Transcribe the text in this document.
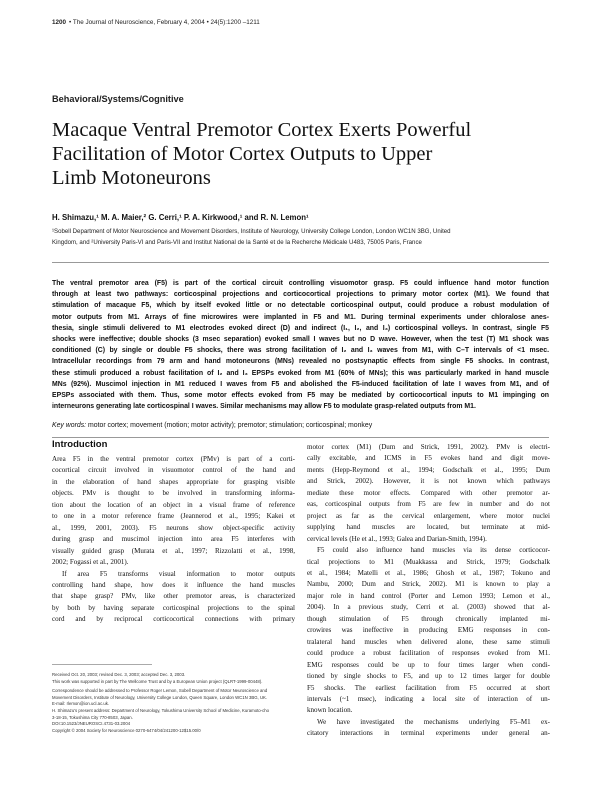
1200 • The Journal of Neuroscience, February 4, 2004 • 24(5):1200 –1211
Behavioral/Systems/Cognitive
Macaque Ventral Premotor Cortex Exerts Powerful
Facilitation of Motor Cortex Outputs to Upper
Limb Motoneurons
H. Shimazu,¹ M. A. Maier,² G. Cerri,¹ P. A. Kirkwood,¹ and R. N. Lemon¹
¹Sobell Department of Motor Neuroscience and Movement Disorders, Institute of Neurology, University College London, London WC1N 3BG, United
Kingdom, and ²University Paris-VI and Paris-VII and Institut National de la Santé et de la Recherche Médicale U483, 75005 Paris, France
The ventral premotor area (F5) is part of the cortical circuit controlling visuomotor grasp. F5 could influence hand motor function
through at least two pathways: corticospinal projections and corticocortical projections to primary motor cortex (M1). We found that
stimulation of macaque F5, which by itself evoked little or no detectable corticospinal output, could produce a robust modulation of
motor outputs from M1. Arrays of fine microwires were implanted in F5 and M1. During terminal experiments under chloralose anes-
thesia, single stimuli delivered to M1 electrodes evoked direct (D) and indirect (I₁, I₂, and I₃) corticospinal volleys. In contrast, single F5
shocks were ineffective; double shocks (3 msec separation) evoked small I waves but no D wave. However, when the test (T) M1 shock was
conditioned (C) by single or double F5 shocks, there was strong facilitation of I₂ and I₃ waves from M1, with C–T intervals of <1 msec.
Intracellular recordings from 79 arm and hand motoneurons (MNs) revealed no postsynaptic effects from single F5 shocks. In contrast,
these stimuli produced a robust facilitation of I₂ and I₃ EPSPs evoked from M1 (60% of MNs); this was particularly marked in hand muscle
MNs (92%). Muscimol injection in M1 reduced I waves from F5 and abolished the F5-induced facilitation of late I waves from M1, and of
EPSPs associated with them. Thus, some motor effects evoked from F5 may be mediated by corticocortical inputs to M1 impinging on
interneurons generating late corticospinal I waves. Similar mechanisms may allow F5 to modulate grasp-related outputs from M1.
Key words: motor cortex; movement (motion; motor activity); premotor; stimulation; corticospinal; monkey
Introduction
Area F5 in the ventral premotor cortex (PMv) is part of a corti-
cocortical circuit involved in visuomotor control of the hand and
in the elaboration of hand shapes appropriate for grasping visible
objects. PMv is thought to be involved in transforming informa-
tion about the location of an object in a visual frame of reference
to one in a motor reference frame (Jeannerod et al., 1995; Kakei et
al., 1999, 2001, 2003). F5 neurons show object-specific activity
during grasp and muscimol injection into area F5 interferes with
visually guided grasp (Murata et al., 1997; Rizzolatti et al., 1998,
2002; Fogassi et al., 2001).
If area F5 transforms visual information to motor outputs
controlling hand shape, how does it influence the hand muscles
that shape grasp? PMv, like other premotor areas, is characterized
by both by having separate corticospinal projections to the spinal
cord and by reciprocal corticocortical connections with primary
Received Oct. 20, 2003; revised Dec. 3, 2003; accepted Dec. 3, 2003.
This work was supported in part by The Wellcome Trust and by a European Union project (QLRT-1999-00448).
Correspondence should be addressed to Professor Roger Lemon, Sobell Department of Motor Neuroscience and
Movement Disorders, Institute of Neurology, University College London, Queen Square, London WC1N 3BG, UK.
E-mail: rlemon@ion.ucl.ac.uk.
H. Shimazu's present address: Department of Neurology, Tokushima University School of Medicine, Kuramoto-cho
3-18-15, Tokushima City 770-8503, Japan.
DOI:10.1523/JNEUROSCI.4731-03.2004
Copyright © 2004 Society for Neuroscience 0270-6474/04/241200-12$15.00/0
motor cortex (M1) (Dum and Strick, 1991, 2002). PMv is electri-
cally excitable, and ICMS in F5 evokes hand and digit move-
ments (Hepp-Reymond et al., 1994; Godschalk et al., 1995; Dum
and Strick, 2002). However, it is not known which pathways
mediate these motor effects. Compared with other premotor ar-
eas, corticospinal outputs from F5 are few in number and do not
project as far as the cervical enlargement, where motor nuclei
supplying hand muscles are located, but terminate at mid-
cervical levels (He et al., 1993; Galea and Darian-Smith, 1994).
F5 could also influence hand muscles via its dense corticocor-
tical projections to M1 (Muakkassa and Strick, 1979; Godschalk
et al., 1984; Matelli et al., 1986; Ghosh et al., 1987; Tokuno and
Nambu, 2000; Dum and Strick, 2002). M1 is known to play a
major role in hand control (Porter and Lemon 1993; Lemon et al.,
2004). In a previous study, Cerri et al. (2003) showed that al-
though stimulation of F5 through chronically implanted mi-
crowires was ineffective in producing EMG responses in con-
tralateral hand muscles when delivered alone, these same stimuli
could produce a robust facilitation of responses evoked from M1.
EMG responses could be up to four times larger when condi-
tioned by single shocks to F5, and up to 12 times larger for double
F5 shocks. The earliest facilitation from F5 occurred at short
intervals (~1 msec), indicating a local site of interaction of un-
known location.
We have investigated the mechanisms underlying F5–M1 ex-
citatory interactions in terminal experiments under general an-
